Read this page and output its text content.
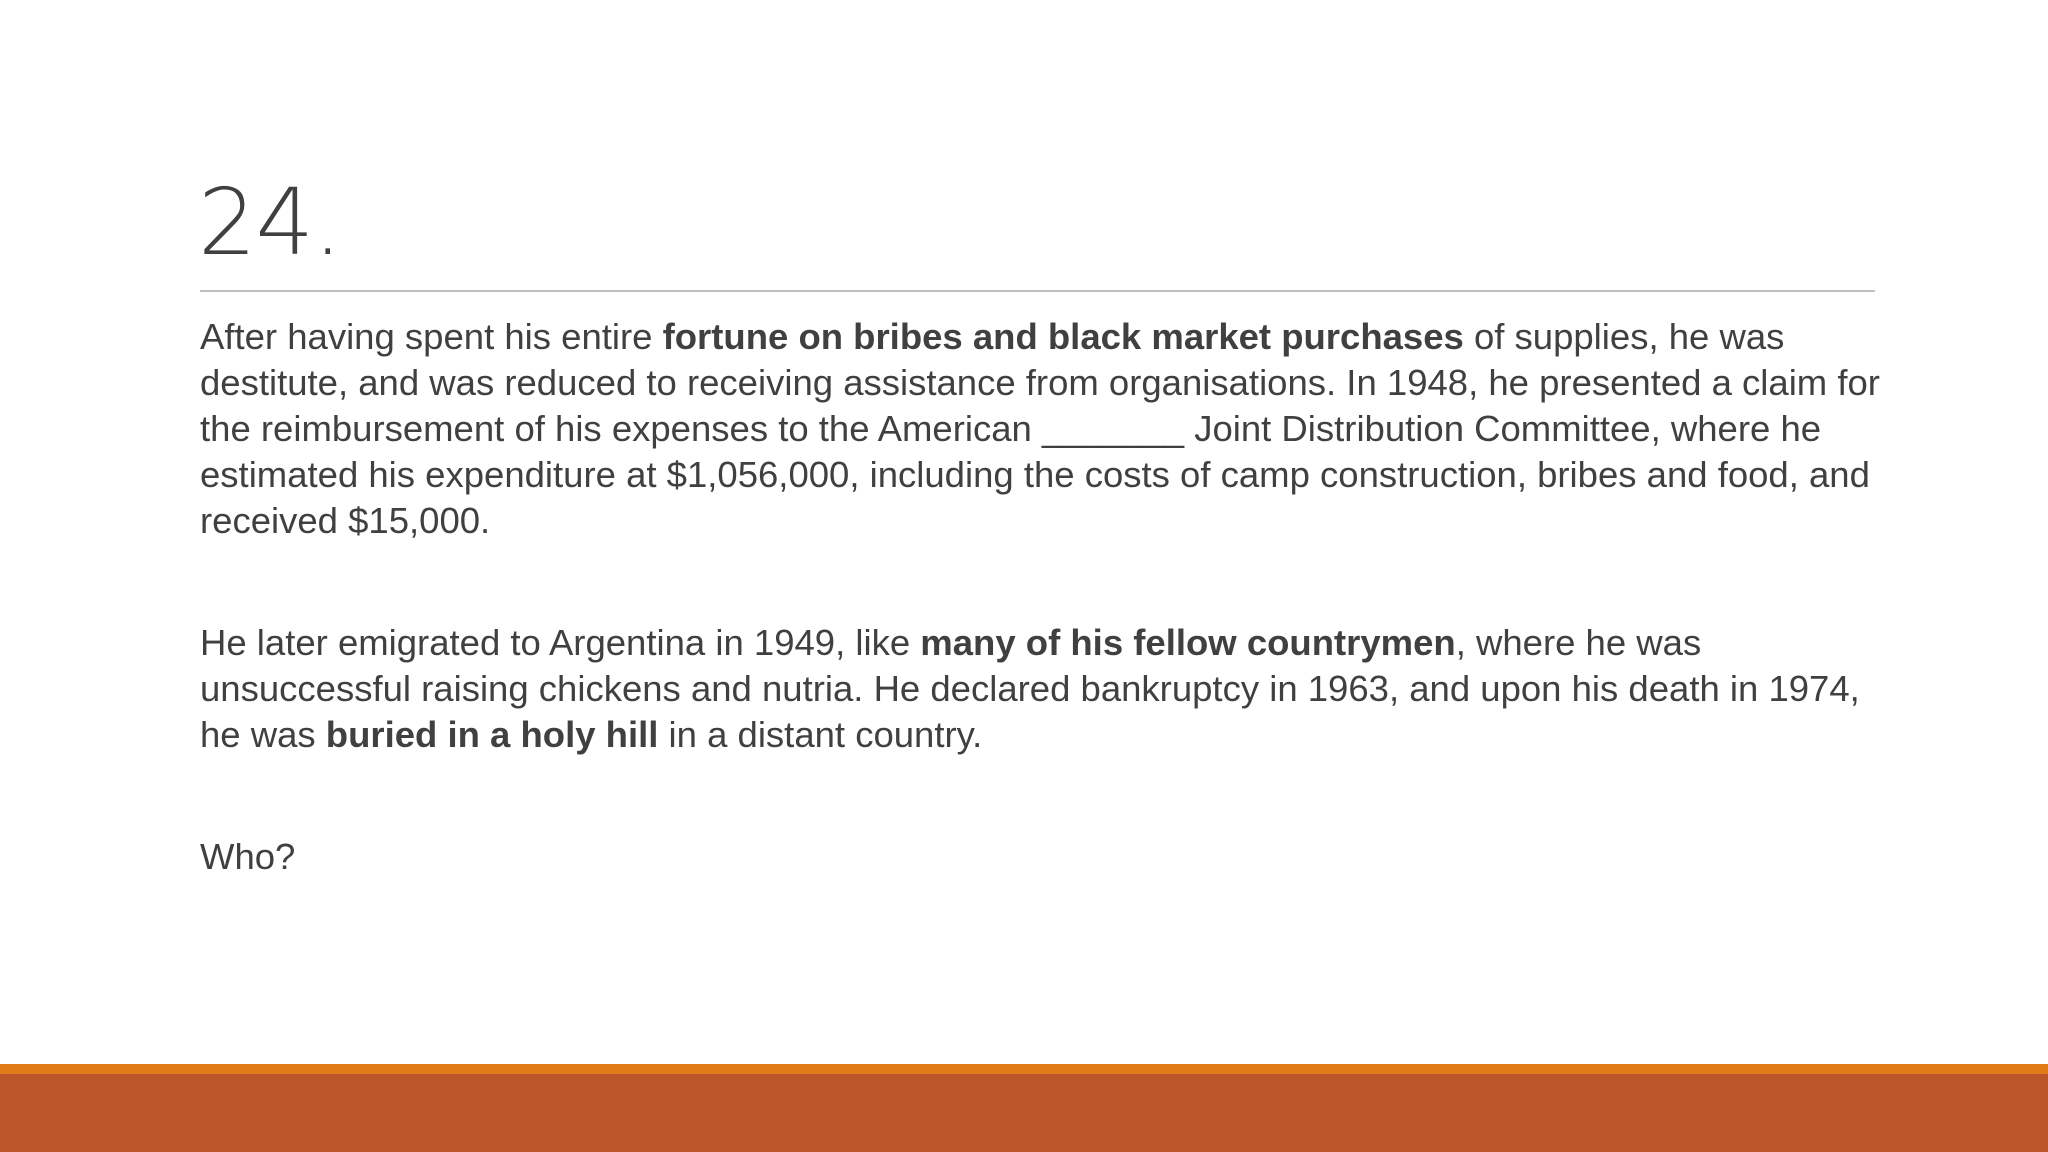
24.

After having spent his entire fortune on bribes and black market purchases of supplies, he was destitute, and was reduced to receiving assistance from organisations. In 1948, he presented a claim for the reimbursement of his expenses to the American _______ Joint Distribution Committee, where he estimated his expenditure at $1,056,000, including the costs of camp construction, bribes and food, and received $15,000.

He later emigrated to Argentina in 1949, like many of his fellow countrymen, where he was unsuccessful raising chickens and nutria. He declared bankruptcy in 1963, and upon his death in 1974, he was buried in a holy hill in a distant country.

Who?
